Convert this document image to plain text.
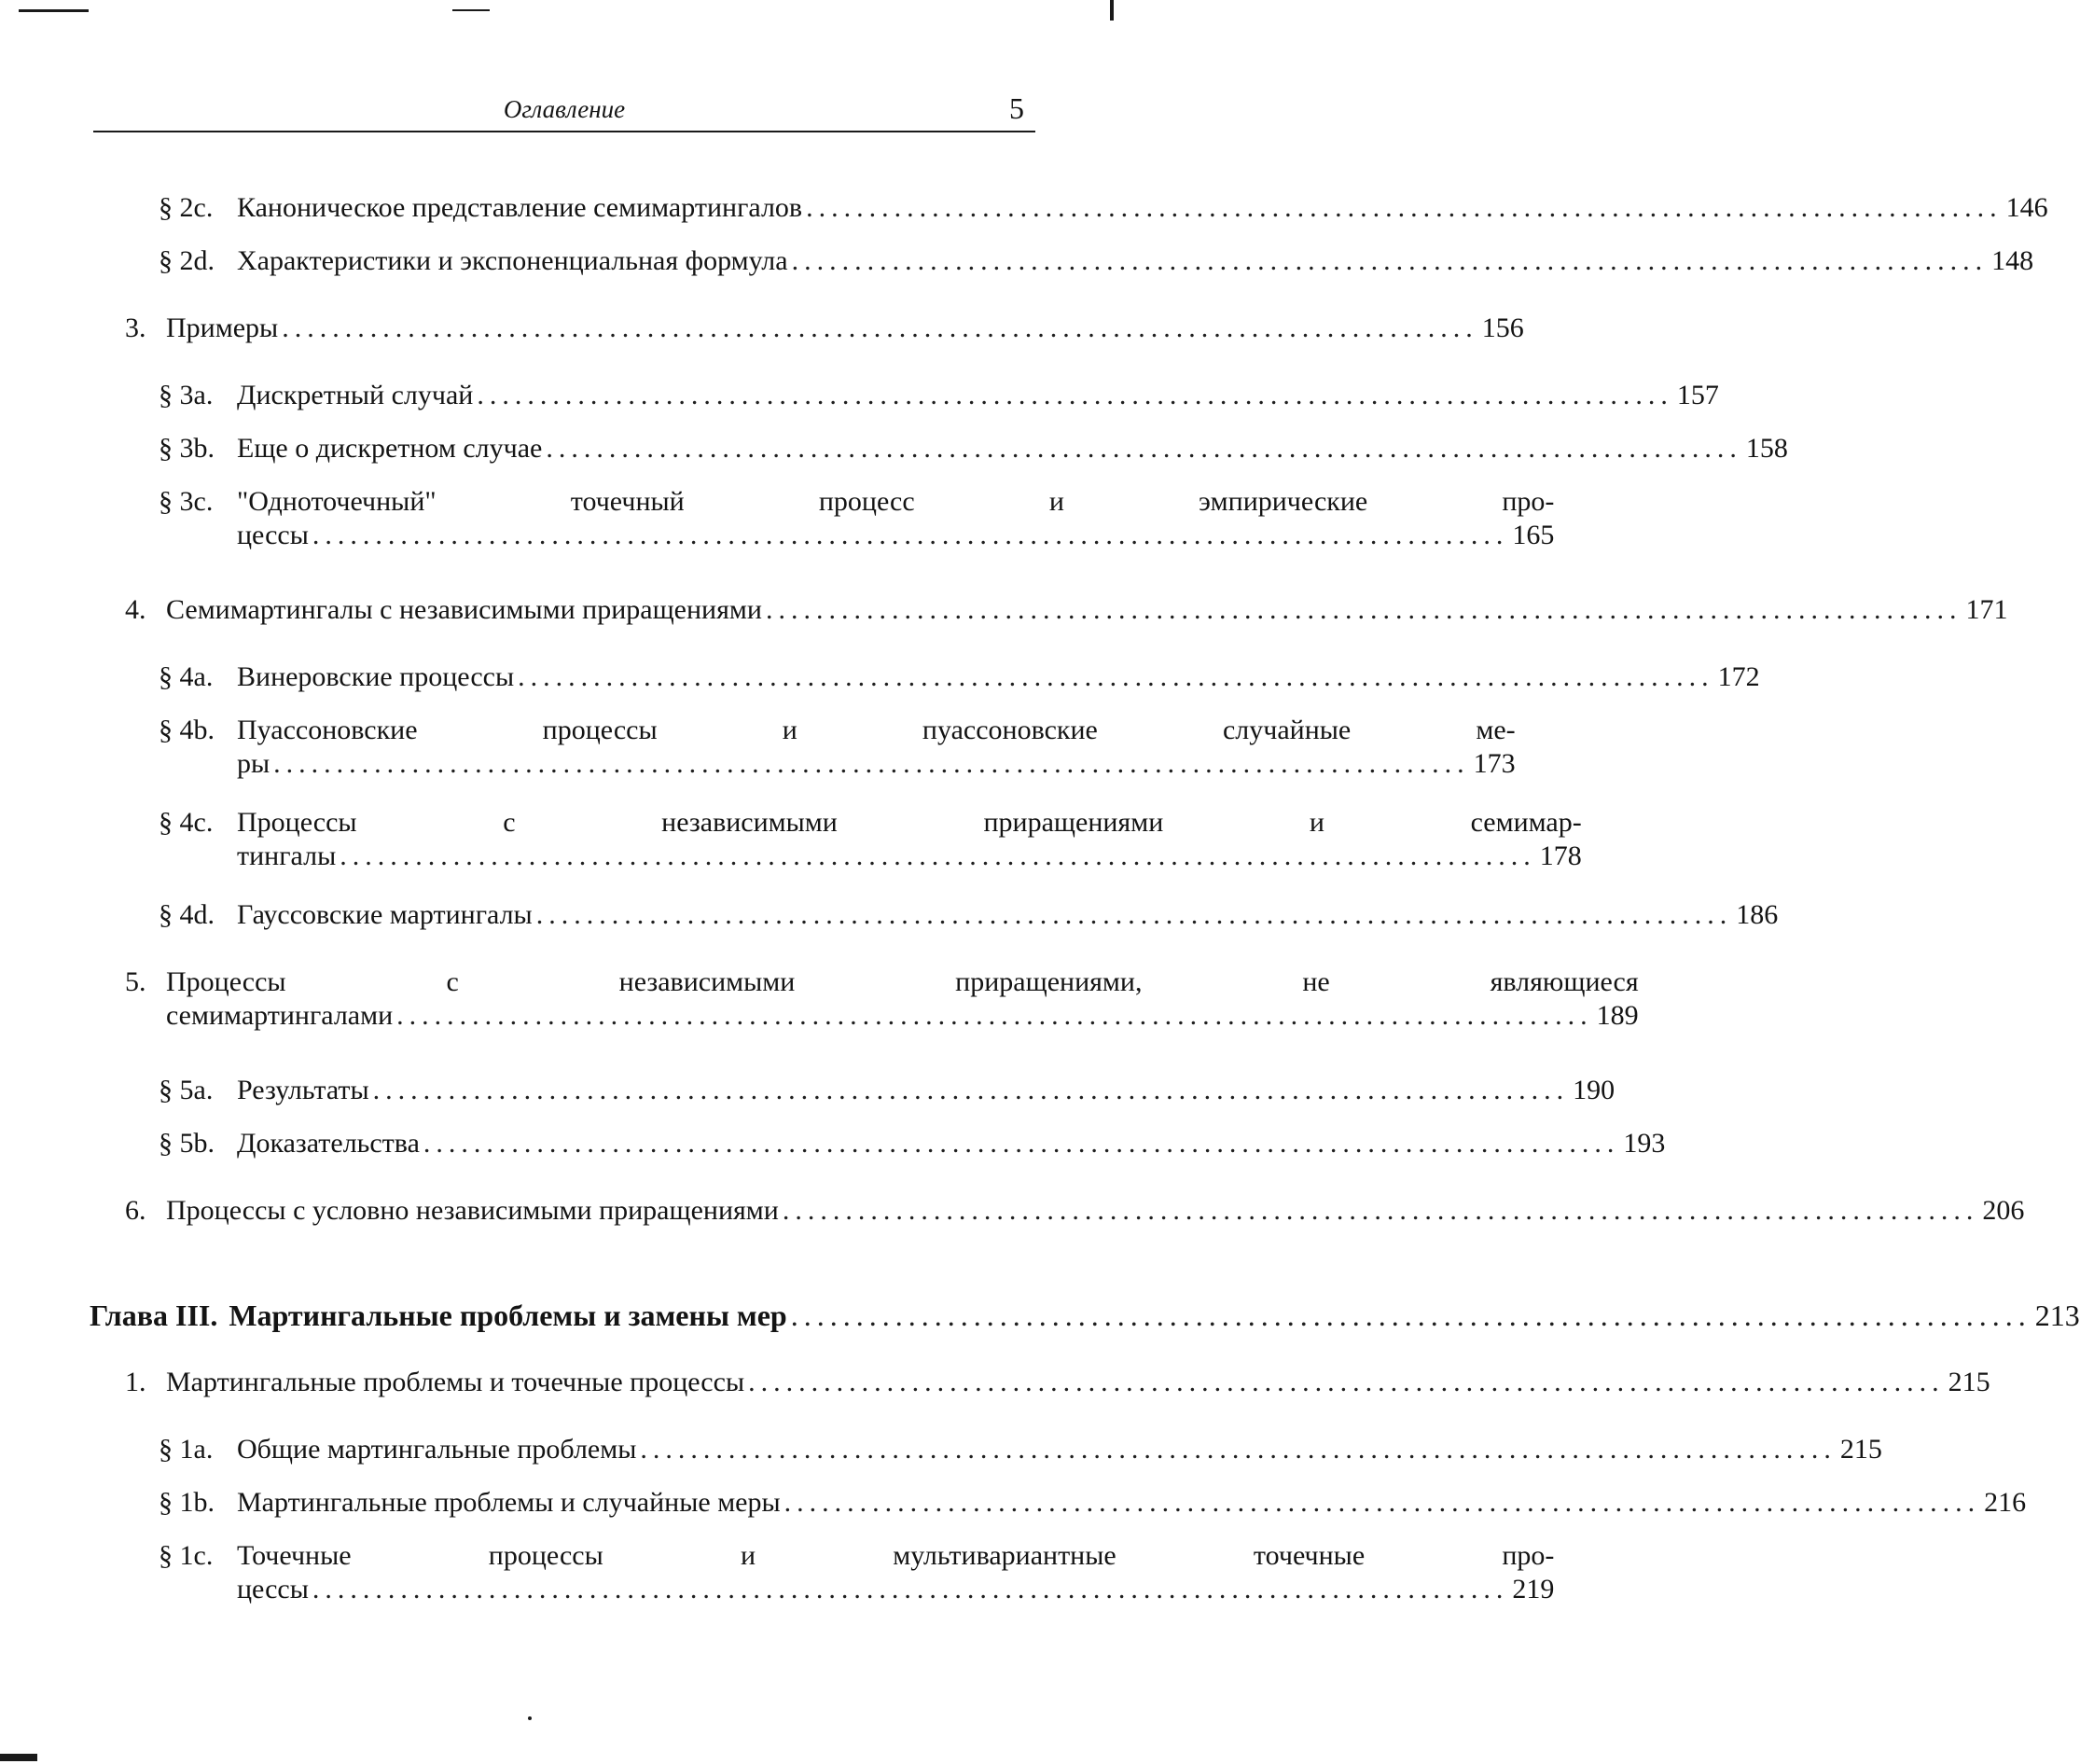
Оглавление	5
§ 2c. Каноническое представление семимартингалов ............................................................................................... 146
§ 2d. Характеристики и экспоненциальная формула ............................................................................................... 148
3. Примеры ............................................................................................... 156
§ 3a. Дискретный случай ............................................................................................... 157
§ 3b. Еще о дискретном случае ............................................................................................... 158
§ 3c. "Одноточечный" точечный процесс и эмпирические про-
цессы ............................................................................................... 165
4. Семимартингалы с независимыми приращениями ............................................................................................... 171
§ 4a. Винеровские процессы ............................................................................................... 172
§ 4b. Пуассоновские процессы и пуассоновские случайные ме-
ры ............................................................................................... 173
§ 4c. Процессы с независимыми приращениями и семимар-
тингалы ............................................................................................... 178
§ 4d. Гауссовские мартингалы ............................................................................................... 186
5. Процессы с независимыми приращениями, не являющиеся
семимартингалами ............................................................................................... 189
§ 5a. Результаты ............................................................................................... 190
§ 5b. Доказательства ............................................................................................... 193
6. Процессы с условно независимыми приращениями ............................................................................................... 206
Глава III. Мартингальные проблемы и замены мер ............................................................................................... 213
1. Мартингальные проблемы и точечные процессы ............................................................................................... 215
§ 1a. Общие мартингальные проблемы ............................................................................................... 215
§ 1b. Мартингальные проблемы и случайные меры ............................................................................................... 216
§ 1c. Точечные процессы и мультивариантные точечные про-
цессы ............................................................................................... 219
